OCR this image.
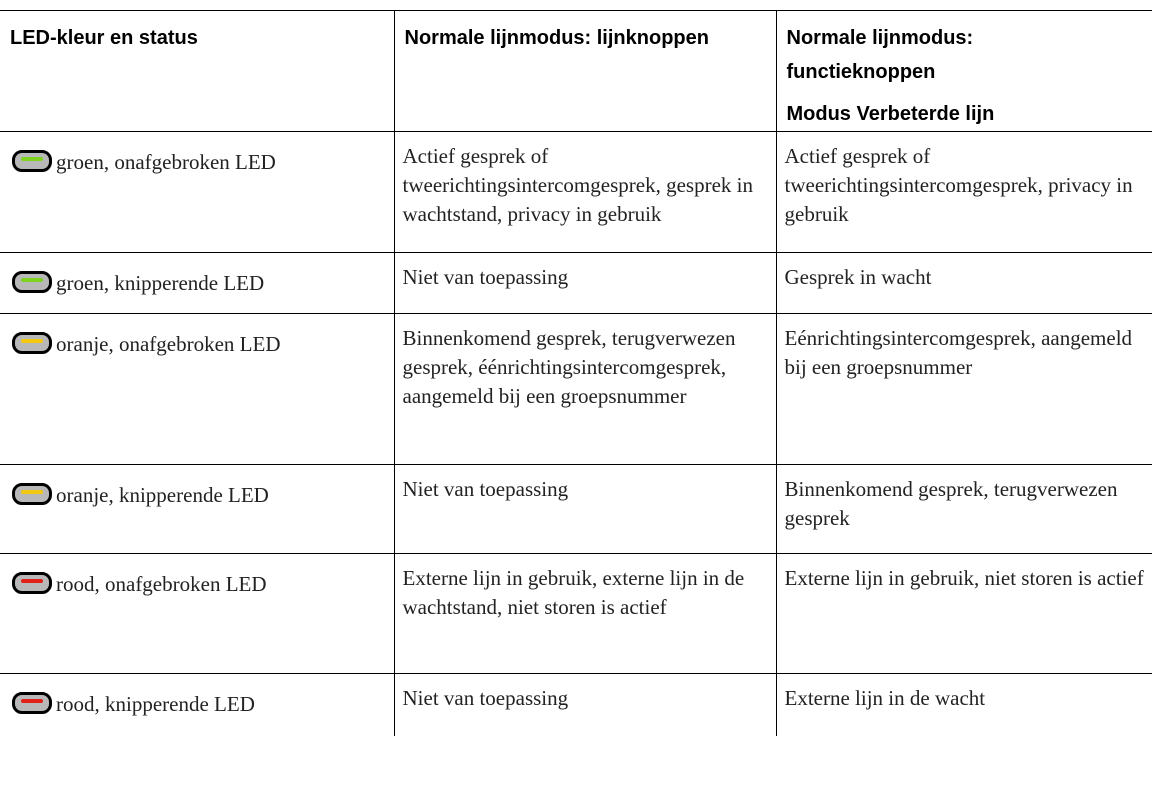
LED-kleur en status	Normale lijnmodus: lijnknoppen	Normale lijnmodus:
functieknoppen
Modus Verbeterde lijn

groen, onafgebroken LED	Actief gesprek of tweerichtingsintercomgesprek, gesprek in wachtstand, privacy in gebruik	Actief gesprek of tweerichtingsintercomgesprek, privacy in gebruik

groen, knipperende LED	Niet van toepassing	Gesprek in wacht

oranje, onafgebroken LED	Binnenkomend gesprek, terugverwezen gesprek, éénrichtingsintercomgesprek, aangemeld bij een groepsnummer	Eénrichtingsintercomgesprek, aangemeld bij een groepsnummer

oranje, knipperende LED	Niet van toepassing	Binnenkomend gesprek, terugverwezen gesprek

rood, onafgebroken LED	Externe lijn in gebruik, externe lijn in de wachtstand, niet storen is actief	Externe lijn in gebruik, niet storen is actief

rood, knipperende LED	Niet van toepassing	Externe lijn in de wacht
